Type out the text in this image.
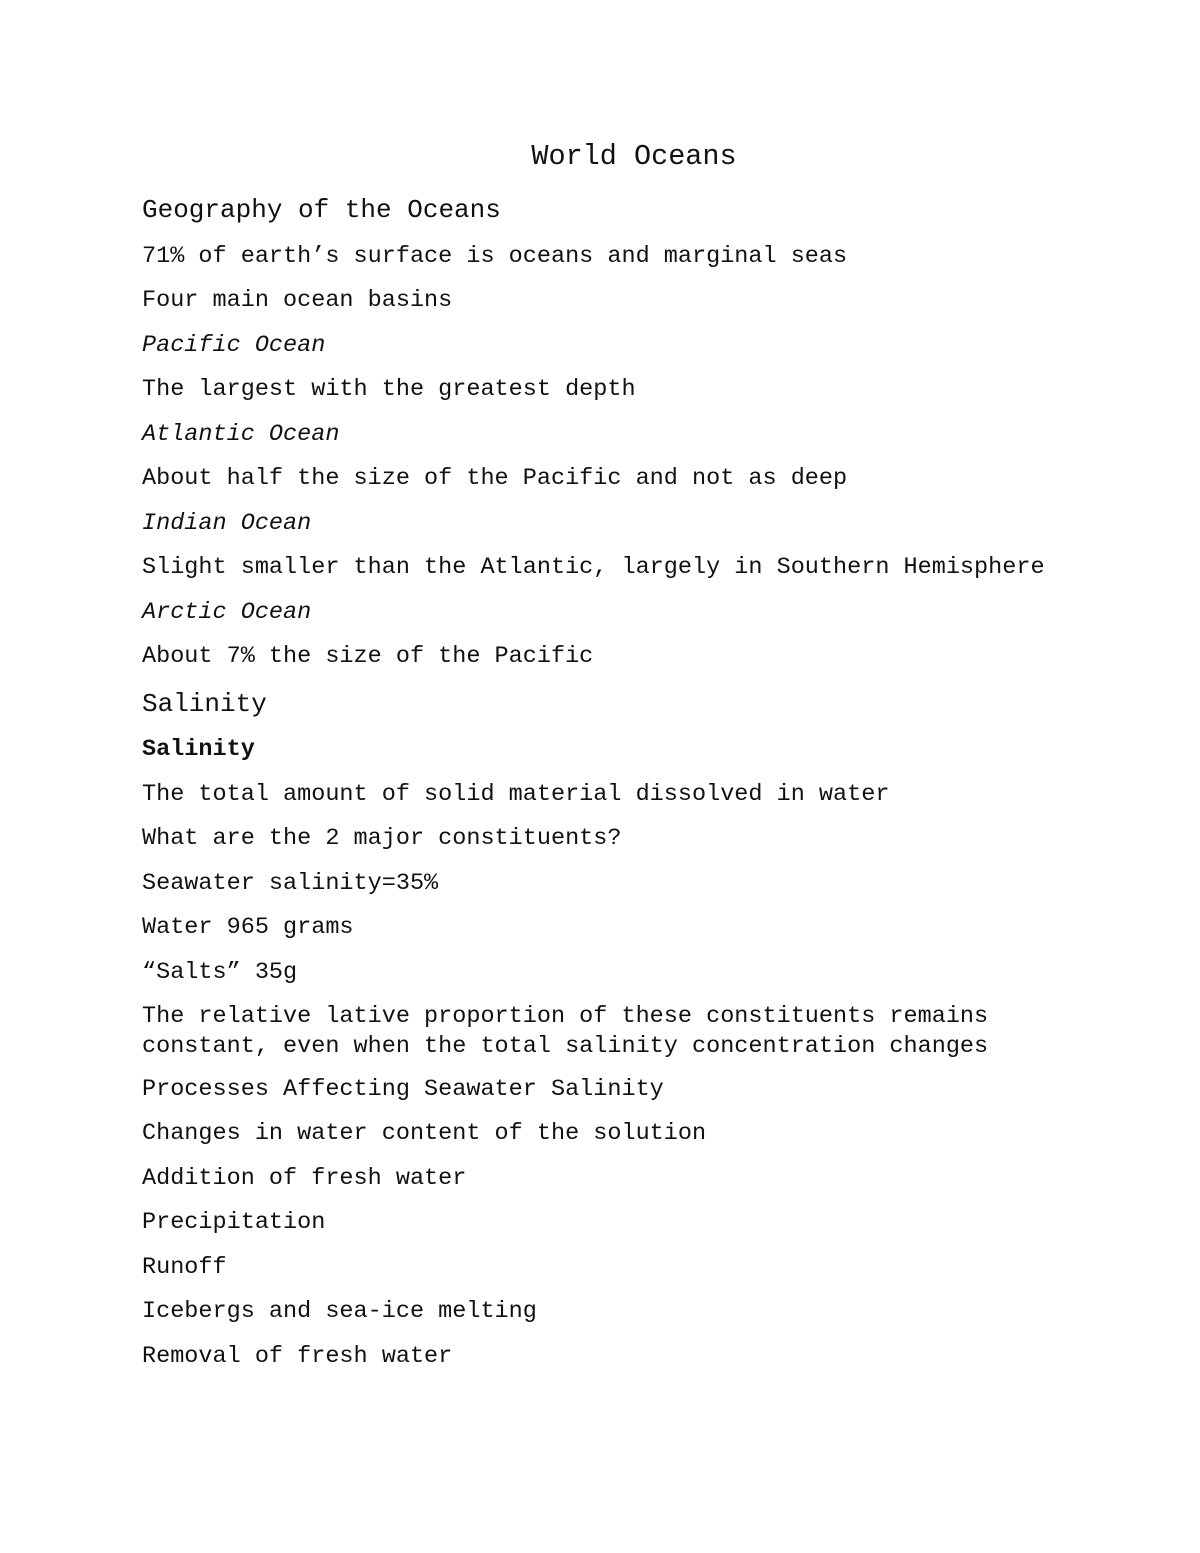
World Oceans
Geography of the Oceans
71% of earth’s surface is oceans and marginal seas
Four main ocean basins
Pacific Ocean
The largest with the greatest depth
Atlantic Ocean
About half the size of the Pacific and not as deep
Indian Ocean
Slight smaller than the Atlantic, largely in Southern Hemisphere
Arctic Ocean
About 7% the size of the Pacific
Salinity
Salinity
The total amount of solid material dissolved in water
What are the 2 major constituents?
Seawater salinity=35%
Water 965 grams
“Salts” 35g
The relative lative proportion of these constituents remains
constant, even when the total salinity concentration changes
Processes Affecting Seawater Salinity
Changes in water content of the solution
Addition of fresh water
Precipitation
Runoff
Icebergs and sea-ice melting
Removal of fresh water
